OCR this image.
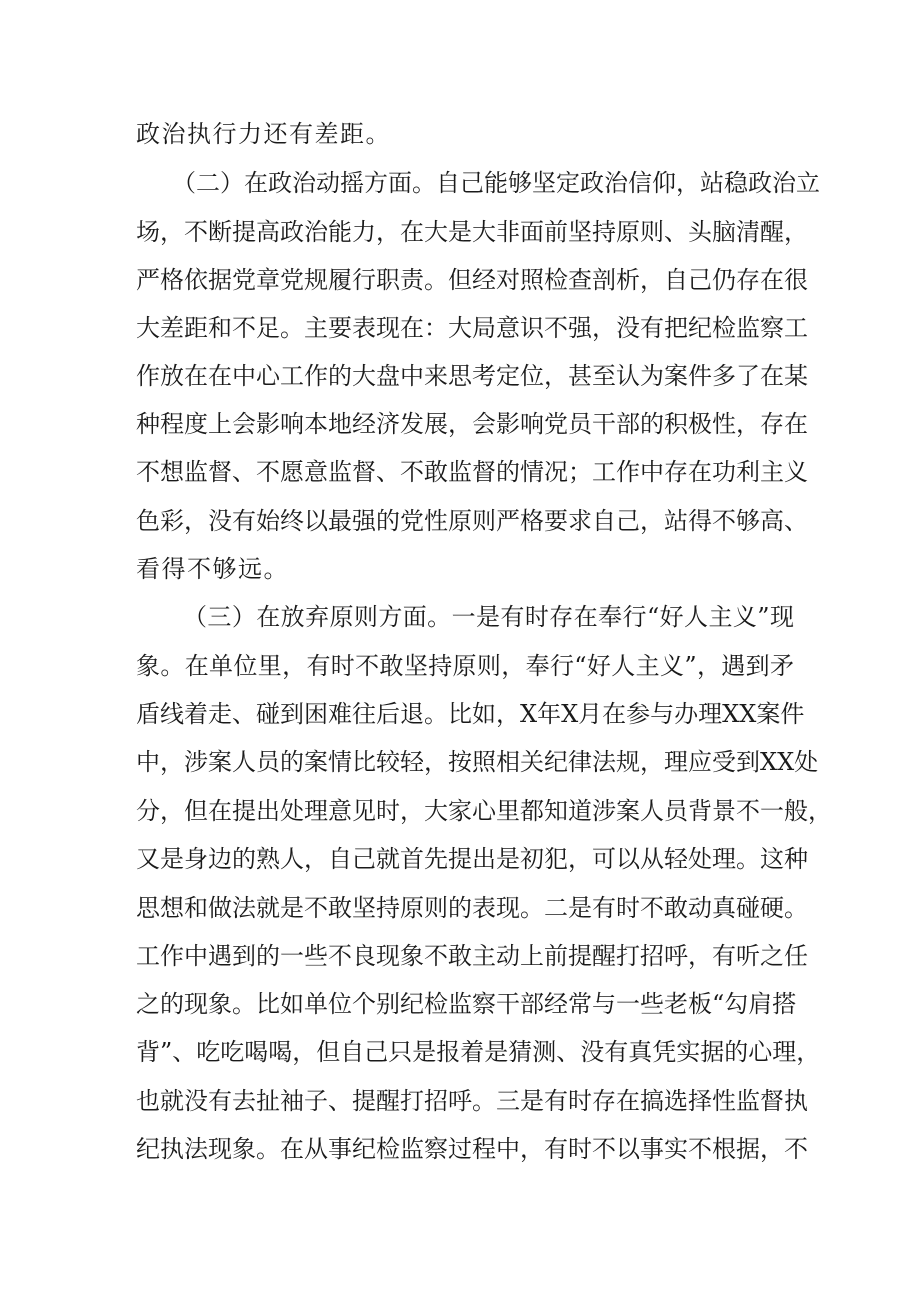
政治执行力还有差距。
（二）在政治动摇方面。自己能够坚定政治信仰，站稳政治立
场，不断提高政治能力，在大是大非面前坚持原则、头脑清醒，
严格依据党章党规履行职责。但经对照检查剖析，自己仍存在很
大差距和不足。主要表现在：大局意识不强，没有把纪检监察工
作放在在中心工作的大盘中来思考定位，甚至认为案件多了在某
种程度上会影响本地经济发展，会影响党员干部的积极性，存在
不想监督、不愿意监督、不敢监督的情况；工作中存在功利主义
色彩，没有始终以最强的党性原则严格要求自己，站得不够高、
看得不够远。
（三）在放弃原则方面。一是有时存在奉行“好人主义”现
象。在单位里，有时不敢坚持原则，奉行“好人主义”，遇到矛
盾线着走、碰到困难往后退。比如，X年X月在参与办理XX案件
中，涉案人员的案情比较轻，按照相关纪律法规，理应受到XX处
分，但在提出处理意见时，大家心里都知道涉案人员背景不一般，
又是身边的熟人，自己就首先提出是初犯，可以从轻处理。这种
思想和做法就是不敢坚持原则的表现。二是有时不敢动真碰硬。
工作中遇到的一些不良现象不敢主动上前提醒打招呼，有听之任
之的现象。比如单位个别纪检监察干部经常与一些老板“勾肩搭
背”、吃吃喝喝，但自己只是报着是猜测、没有真凭实据的心理，
也就没有去扯袖子、提醒打招呼。三是有时存在搞选择性监督执
纪执法现象。在从事纪检监察过程中，有时不以事实不根据，不
